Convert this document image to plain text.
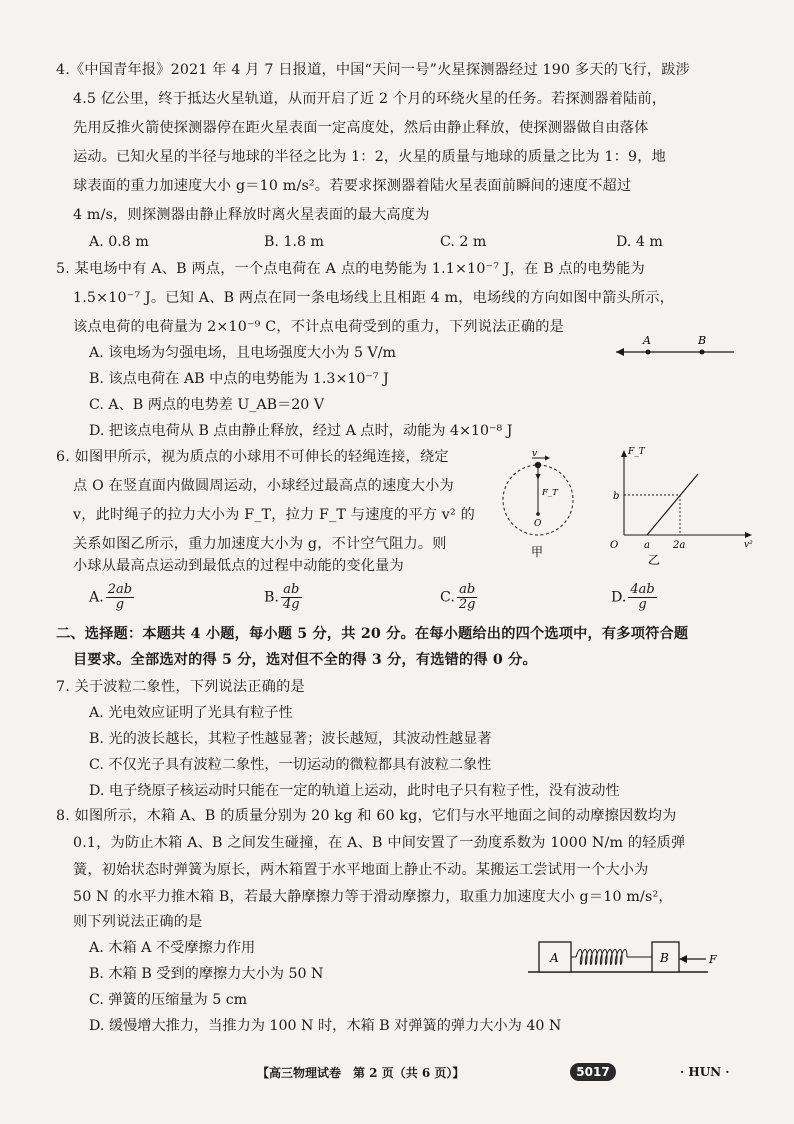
4.《中国青年报》2021 年 4 月 7 日报道，中国“天问一号”火星探测器经过 190 多天的飞行，跋涉
4.5 亿公里，终于抵达火星轨道，从而开启了近 2 个月的环绕火星的任务。若探测器着陆前，
先用反推火箭使探测器停在距火星表面一定高度处，然后由静止释放，使探测器做自由落体
运动。已知火星的半径与地球的半径之比为 1：2，火星的质量与地球的质量之比为 1：9，地
球表面的重力加速度大小 g＝10 m/s²。若要求探测器着陆火星表面前瞬间的速度不超过
4 m/s，则探测器由静止释放时离火星表面的最大高度为
A. 0.8 m	B. 1.8 m	C. 2 m	D. 4 m
5. 某电场中有 A、B 两点，一个点电荷在 A 点的电势能为 1.1×10⁻⁷ J，在 B 点的电势能为
1.5×10⁻⁷ J。已知 A、B 两点在同一条电场线上且相距 4 m，电场线的方向如图中箭头所示，
该点电荷的电荷量为 2×10⁻⁹ C，不计点电荷受到的重力，下列说法正确的是
A. 该电场为匀强电场，且电场强度大小为 5 V/m
B. 该点电荷在 AB 中点的电势能为 1.3×10⁻⁷ J
C. A、B 两点的电势差 U_AB＝20 V
D. 把该点电荷从 B 点由静止释放，经过 A 点时，动能为 4×10⁻⁸ J
A	B
6. 如图甲所示，视为质点的小球用不可伸长的轻绳连接，绕定
点 O 在竖直面内做圆周运动，小球经过最高点的速度大小为
v，此时绳子的拉力大小为 F_T，拉力 F_T 与速度的平方 v² 的
关系如图乙所示，重力加速度大小为 g，不计空气阻力。则
小球从最高点运动到最低点的过程中动能的变化量为
A. $\frac{2ab}{g}$	B. $\frac{ab}{4g}$	C. $\frac{ab}{2g}$	D. $\frac{4ab}{g}$
v
F_T
O
甲
F_T
b
O	a 2a	v²
乙
二、选择题：本题共 4 小题，每小题 5 分，共 20 分。在每小题给出的四个选项中，有多项符合题
目要求。全部选对的得 5 分，选对但不全的得 3 分，有选错的得 0 分。
7. 关于波粒二象性，下列说法正确的是
A. 光电效应证明了光具有粒子性
B. 光的波长越长，其粒子性越显著；波长越短，其波动性越显著
C. 不仅光子具有波粒二象性，一切运动的微粒都具有波粒二象性
D. 电子绕原子核运动时只能在一定的轨道上运动，此时电子只有粒子性，没有波动性
8. 如图所示，木箱 A、B 的质量分别为 20 kg 和 60 kg，它们与水平地面之间的动摩擦因数均为
0.1，为防止木箱 A、B 之间发生碰撞，在 A、B 中间安置了一劲度系数为 1000 N/m 的轻质弹
簧，初始状态时弹簧为原长，两木箱置于水平地面上静止不动。某搬运工尝试用一个大小为
50 N 的水平力推木箱 B，若最大静摩擦力等于滑动摩擦力，取重力加速度大小 g＝10 m/s²，
则下列说法正确的是
A. 木箱 A 不受摩擦力作用
B. 木箱 B 受到的摩擦力大小为 50 N
C. 弹簧的压缩量为 5 cm
D. 缓慢增大推力，当推力为 100 N 时，木箱 B 对弹簧的弹力大小为 40 N
A	B	F
【高三物理试卷　第 2 页（共 6 页）】	5017	· HUN ·
